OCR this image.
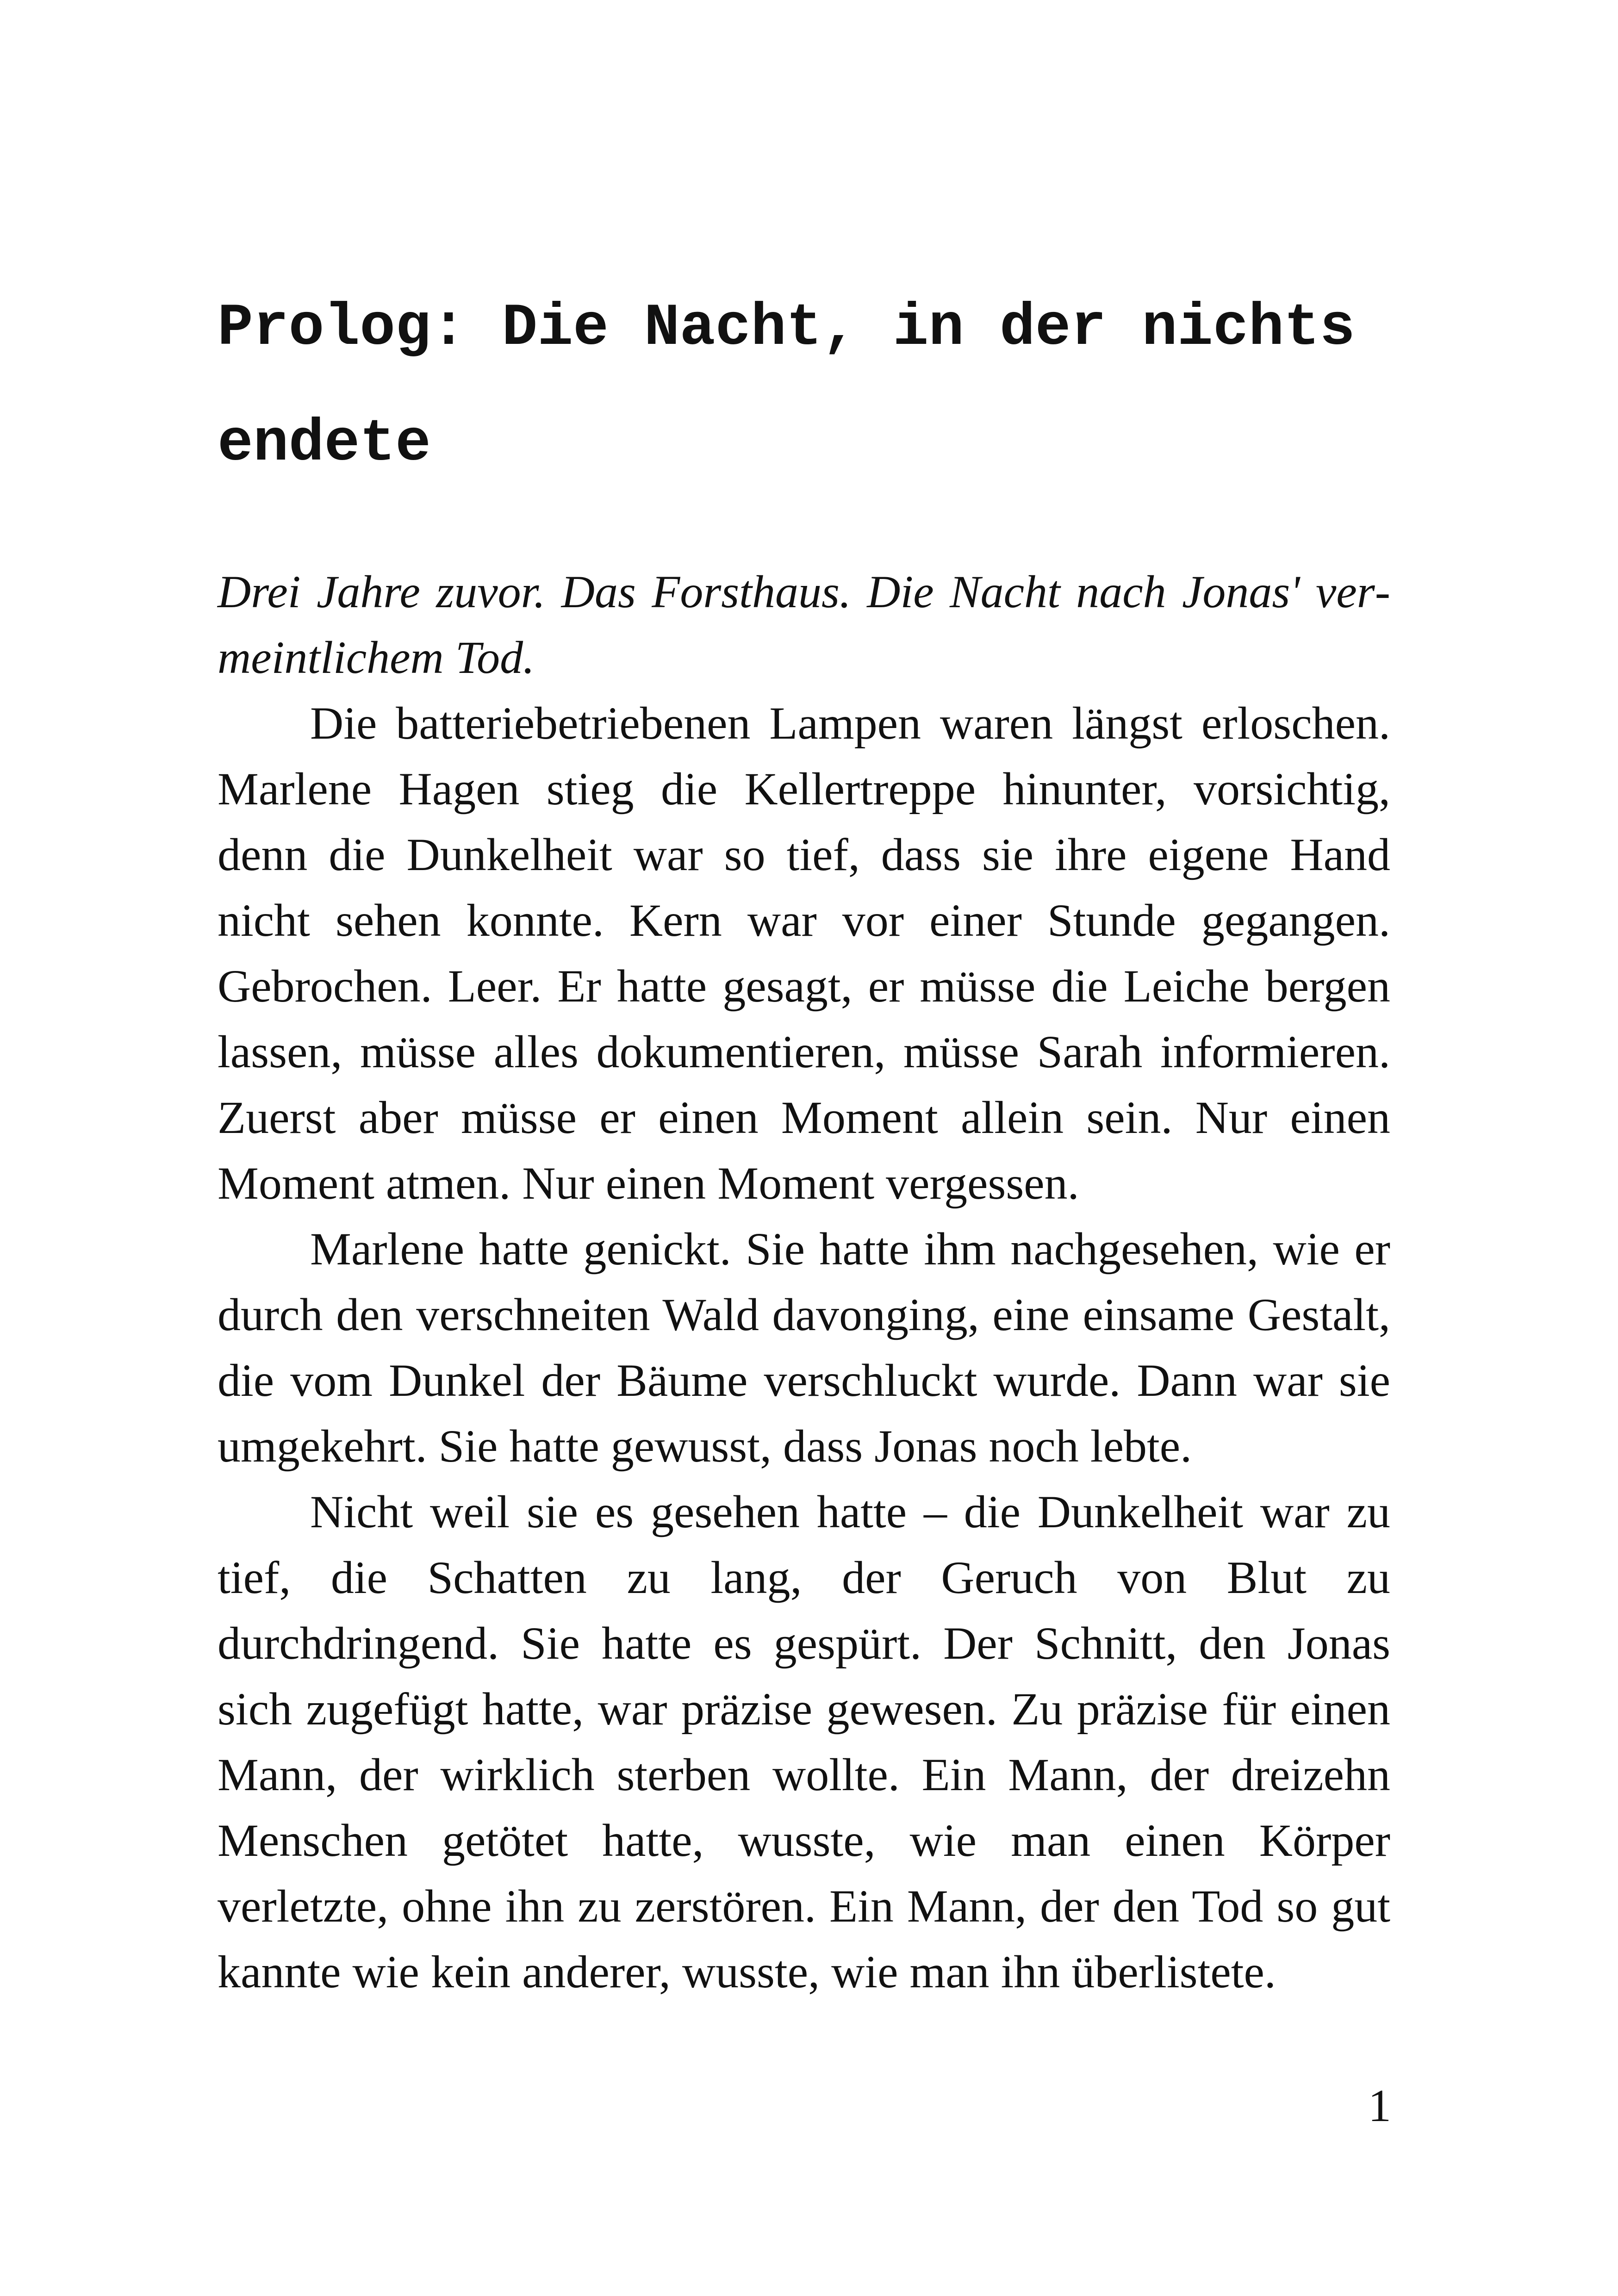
Prolog: Die Nacht, in der nichts endete

Drei Jahre zuvor. Das Forsthaus. Die Nacht nach Jonas' vermeintlichem Tod.

Die batteriebetriebenen Lampen waren längst erloschen. Marlene Hagen stieg die Kellertreppe hinunter, vorsichtig, denn die Dunkelheit war so tief, dass sie ihre eigene Hand nicht sehen konnte. Kern war vor einer Stunde gegangen. Gebrochen. Leer. Er hatte gesagt, er müsse die Leiche bergen lassen, müsse alles dokumentieren, müsse Sarah informieren. Zuerst aber müsse er einen Moment allein sein. Nur einen Moment atmen. Nur einen Moment vergessen.

Marlene hatte genickt. Sie hatte ihm nachgesehen, wie er durch den verschneiten Wald davonging, eine einsame Gestalt, die vom Dunkel der Bäume verschluckt wurde. Dann war sie umgekehrt. Sie hatte gewusst, dass Jonas noch lebte.

Nicht weil sie es gesehen hatte – die Dunkelheit war zu tief, die Schatten zu lang, der Geruch von Blut zu durchdringend. Sie hatte es gespürt. Der Schnitt, den Jonas sich zugefügt hatte, war präzise gewesen. Zu präzise für einen Mann, der wirklich sterben wollte. Ein Mann, der dreizehn Menschen getötet hatte, wusste, wie man einen Körper verletzte, ohne ihn zu zerstören. Ein Mann, der den Tod so gut kannte wie kein anderer, wusste, wie man ihn überlistete.

1
